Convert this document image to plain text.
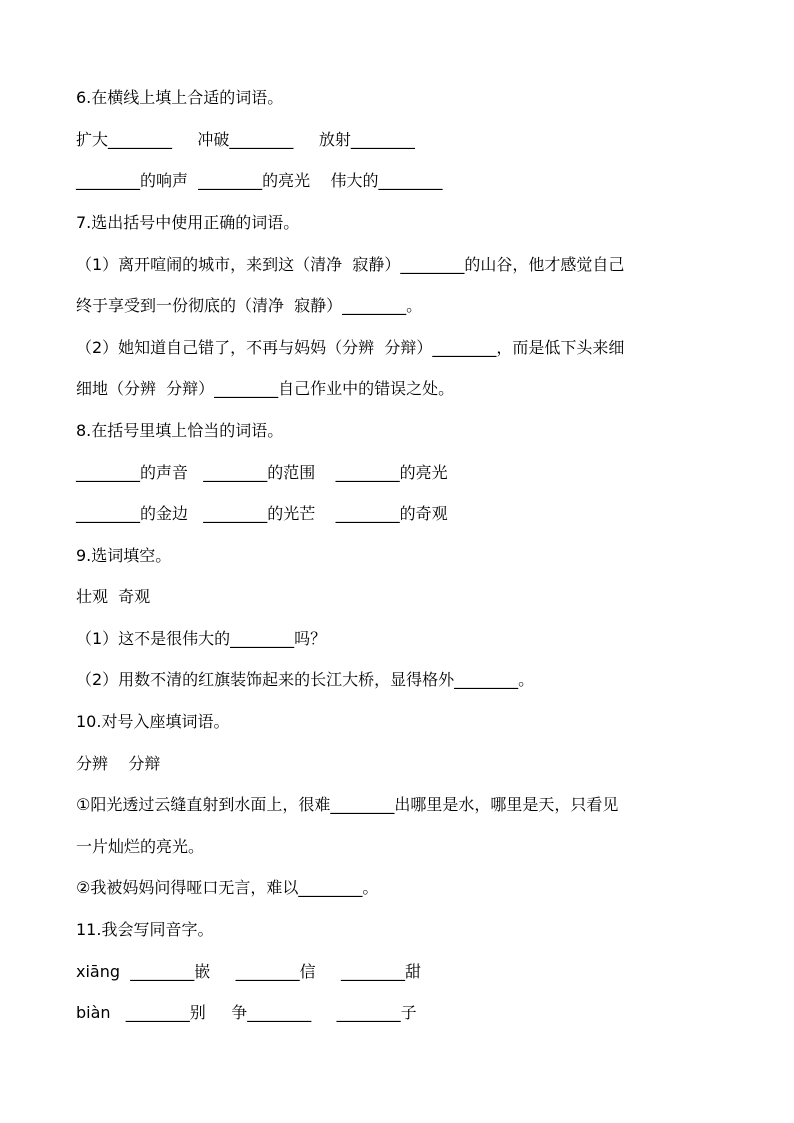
6.在横线上填上合适的词语。
扩大________     冲破________     放射________
________的响声  ________的亮光    伟大的________
7.选出括号中使用正确的词语。
（1）离开喧闹的城市，来到这（清净  寂静）________的山谷，他才感觉自己
终于享受到一份彻底的（清净  寂静）________。
（2）她知道自己错了，不再与妈妈（分辨  分辩）________，而是低下头来细
细地（分辨  分辩）________自己作业中的错误之处。
8.在括号里填上恰当的词语。
________的声音   ________的范围    ________的亮光
________的金边   ________的光芒    ________的奇观
9.选词填空。
壮观  奇观
（1）这不是很伟大的________吗？
（2）用数不清的红旗装饰起来的长江大桥，显得格外________。
10.对号入座填词语。
分辨    分辩
①阳光透过云缝直射到水面上，很难________出哪里是水，哪里是天，只看见
一片灿烂的亮光。
②我被妈妈问得哑口无言，难以________。
11.我会写同音字。
xiāng  ________嵌     ________信     ________甜
biàn   ________别     争________     ________子
